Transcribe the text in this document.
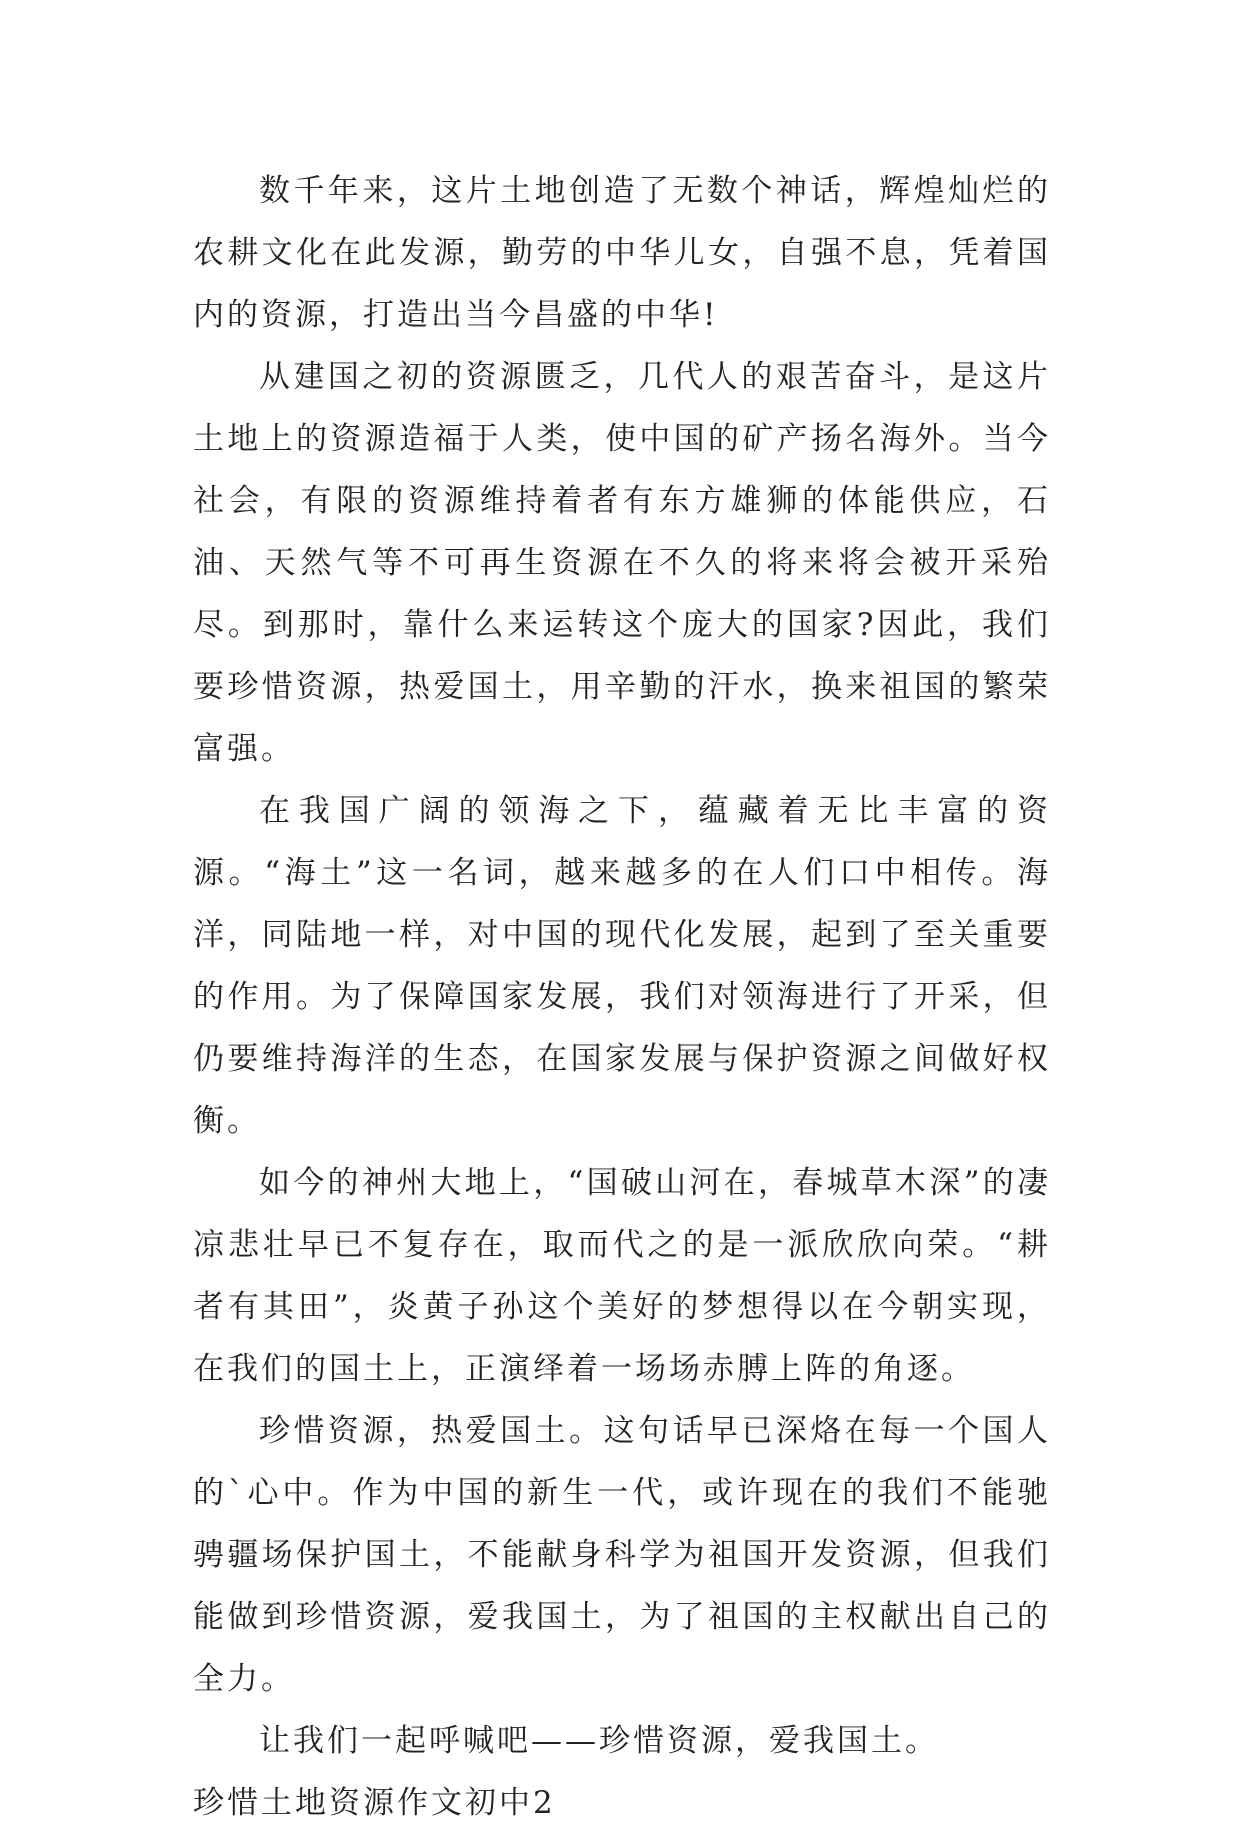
数千年来，这片土地创造了无数个神话，辉煌灿烂的农耕文化在此发源，勤劳的中华儿女，自强不息，凭着国内的资源，打造出当今昌盛的中华!

从建国之初的资源匮乏，几代人的艰苦奋斗，是这片土地上的资源造福于人类，使中国的矿产扬名海外。当今社会，有限的资源维持着者有东方雄狮的体能供应，石油、天然气等不可再生资源在不久的将来将会被开采殆尽。到那时，靠什么来运转这个庞大的国家?因此，我们要珍惜资源，热爱国土，用辛勤的汗水，换来祖国的繁荣富强。

在我国广阔的领海之下，蕴藏着无比丰富的资源。“海土”这一名词，越来越多的在人们口中相传。海洋，同陆地一样，对中国的现代化发展，起到了至关重要的作用。为了保障国家发展，我们对领海进行了开采，但仍要维持海洋的生态，在国家发展与保护资源之间做好权衡。

如今的神州大地上，“国破山河在，春城草木深”的凄凉悲壮早已不复存在，取而代之的是一派欣欣向荣。“耕者有其田”，炎黄子孙这个美好的梦想得以在今朝实现，在我们的国土上，正演绎着一场场赤膊上阵的角逐。

珍惜资源，热爱国土。这句话早已深烙在每一个国人的`心中。作为中国的新生一代，或许现在的我们不能驰骋疆场保护国土，不能献身科学为祖国开发资源，但我们能做到珍惜资源，爱我国土，为了祖国的主权献出自己的全力。

让我们一起呼喊吧——珍惜资源，爱我国土。

珍惜土地资源作文初中2
